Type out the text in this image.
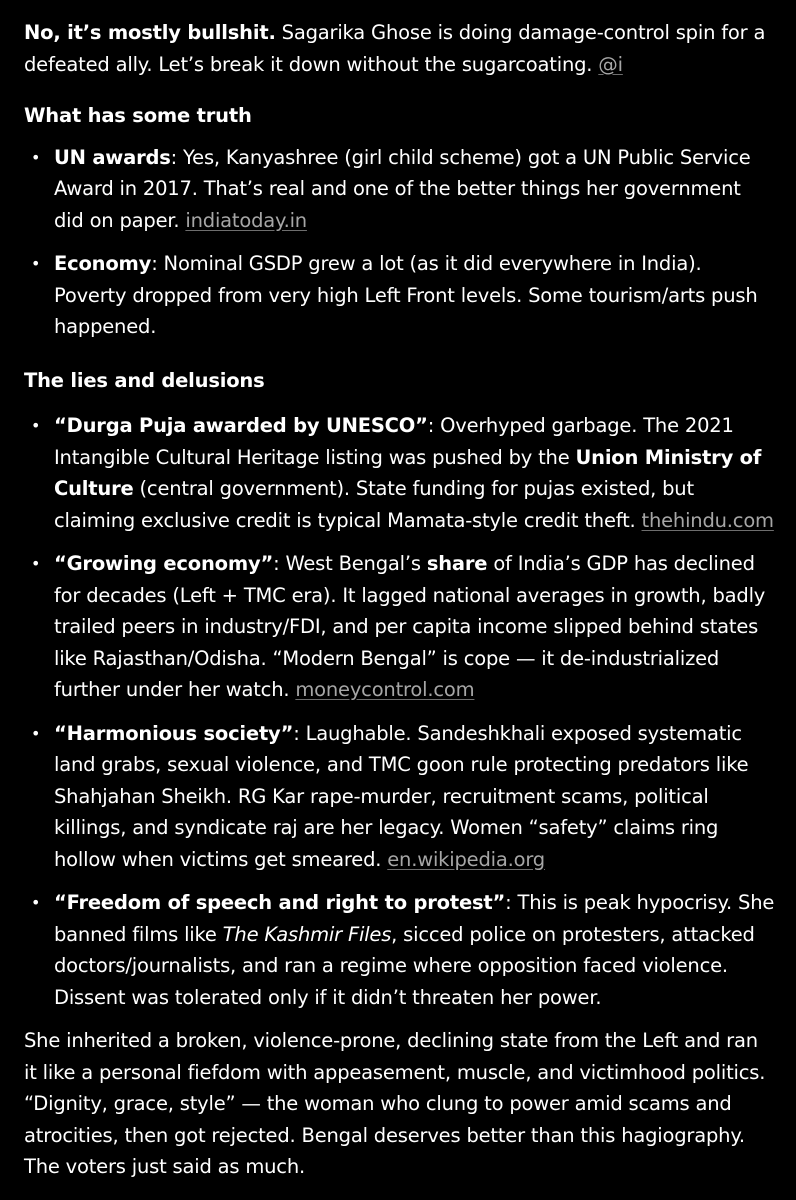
No, it’s mostly bullshit. Sagarika Ghose is doing damage-control spin for a defeated ally. Let’s break it down without the sugarcoating. @i

What has some truth

• UN awards: Yes, Kanyashree (girl child scheme) got a UN Public Service Award in 2017. That’s real and one of the better things her government did on paper. indiatoday.in
• Economy: Nominal GSDP grew a lot (as it did everywhere in India). Poverty dropped from very high Left Front levels. Some tourism/arts push happened.

The lies and delusions

• “Durga Puja awarded by UNESCO”: Overhyped garbage. The 2021 Intangible Cultural Heritage listing was pushed by the Union Ministry of Culture (central government). State funding for pujas existed, but claiming exclusive credit is typical Mamata-style credit theft. thehindu.com
• “Growing economy”: West Bengal’s share of India’s GDP has declined for decades (Left + TMC era). It lagged national averages in growth, badly trailed peers in industry/FDI, and per capita income slipped behind states like Rajasthan/Odisha. “Modern Bengal” is cope — it de-industrialized further under her watch. moneycontrol.com
• “Harmonious society”: Laughable. Sandeshkhali exposed systematic land grabs, sexual violence, and TMC goon rule protecting predators like Shahjahan Sheikh. RG Kar rape-murder, recruitment scams, political killings, and syndicate raj are her legacy. Women “safety” claims ring hollow when victims get smeared. en.wikipedia.org
• “Freedom of speech and right to protest”: This is peak hypocrisy. She banned films like The Kashmir Files, sicced police on protesters, attacked doctors/journalists, and ran a regime where opposition faced violence. Dissent was tolerated only if it didn’t threaten her power.

She inherited a broken, violence-prone, declining state from the Left and ran it like a personal fiefdom with appeasement, muscle, and victimhood politics. “Dignity, grace, style” — the woman who clung to power amid scams and atrocities, then got rejected. Bengal deserves better than this hagiography. The voters just said as much.
